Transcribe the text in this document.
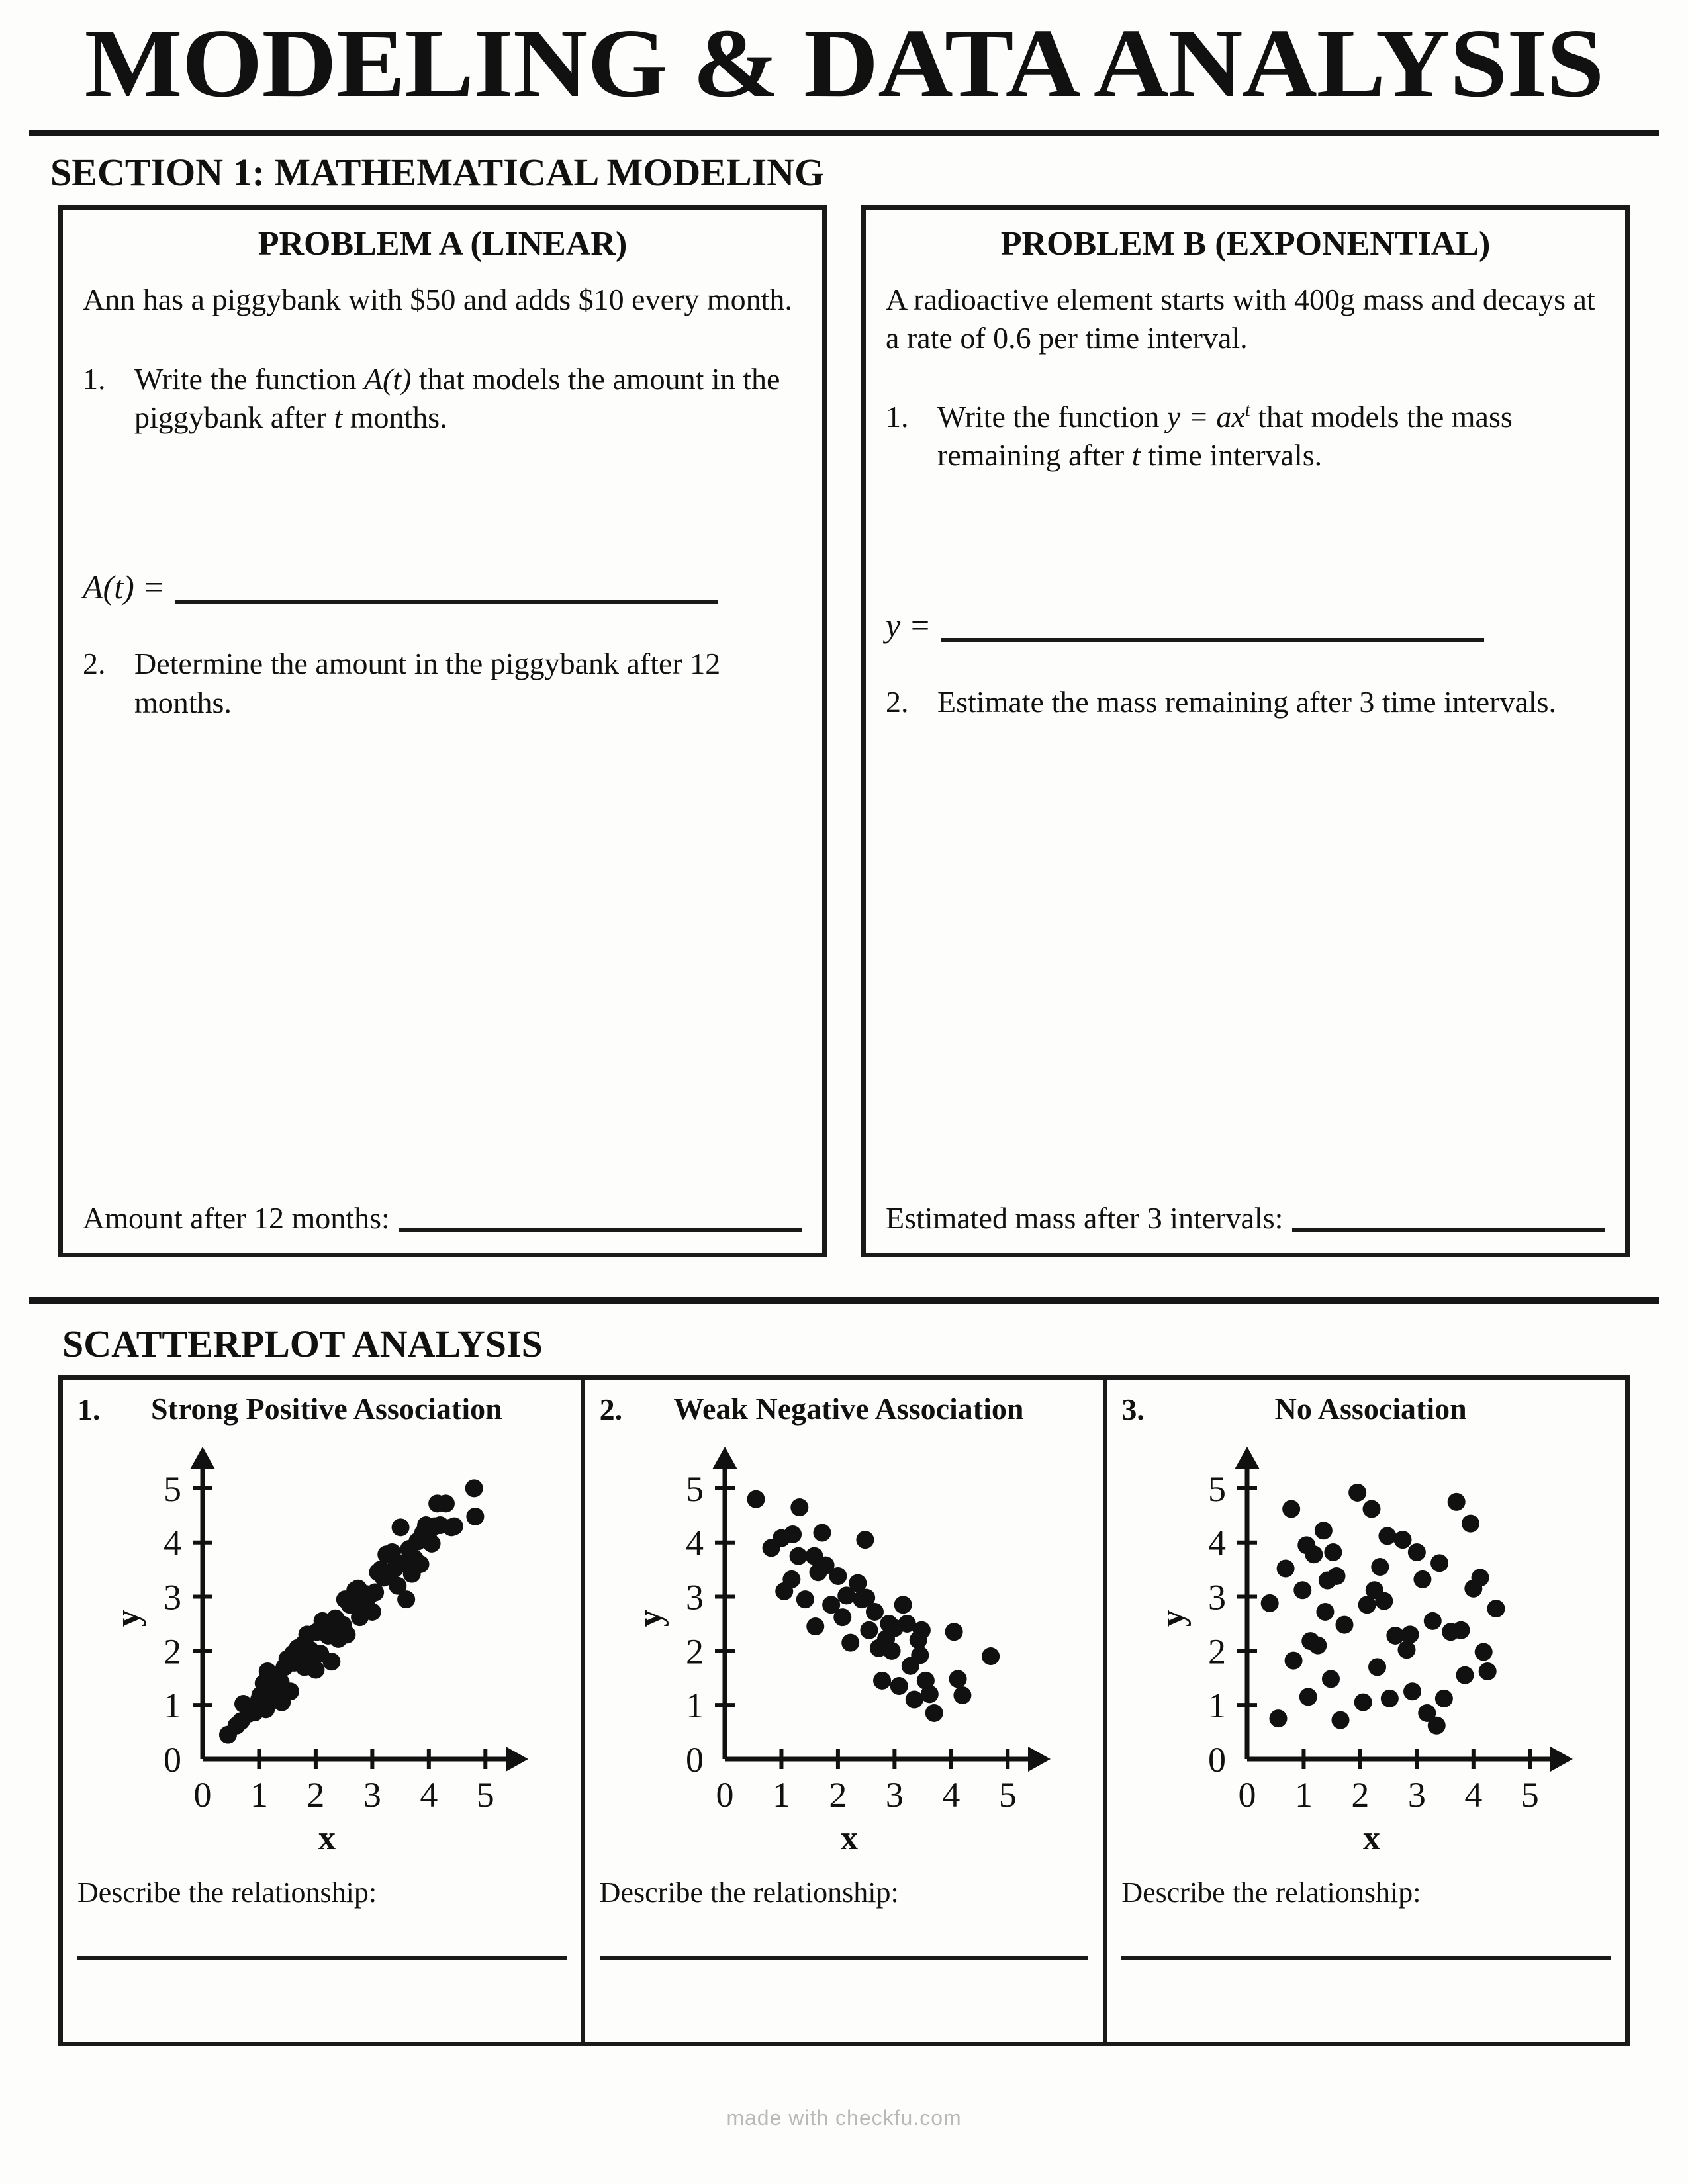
MODELING & DATA ANALYSIS
SECTION 1: MATHEMATICAL MODELING
PROBLEM A (LINEAR)
Ann has a piggybank with $50 and adds $10 every month.
1. Write the function A(t) that models the amount in the piggybank after t months.
A(t) =
2. Determine the amount in the piggybank after 12 months.
Amount after 12 months:
PROBLEM B (EXPONENTIAL)
A radioactive element starts with 400g mass and decays at a rate of 0.6 per time interval.
1. Write the function $y = ax^t$ that models the mass remaining after t time intervals.
y =
2. Estimate the mass remaining after 3 time intervals.
Estimated mass after 3 intervals:
SCATTERPLOT ANALYSIS
1.	Strong Positive Association
0 1 2 3 4 5
0
1
2
3
4
5
x
y
Describe the relationship:
2.	Weak Negative Association
0 1 2 3 4 5
0
1
2
3
4
5
x
y
Describe the relationship:
3.	No Association
0 1 2 3 4 5
0
1
2
3
4
5
x
y
Describe the relationship:
made with checkfu.com
